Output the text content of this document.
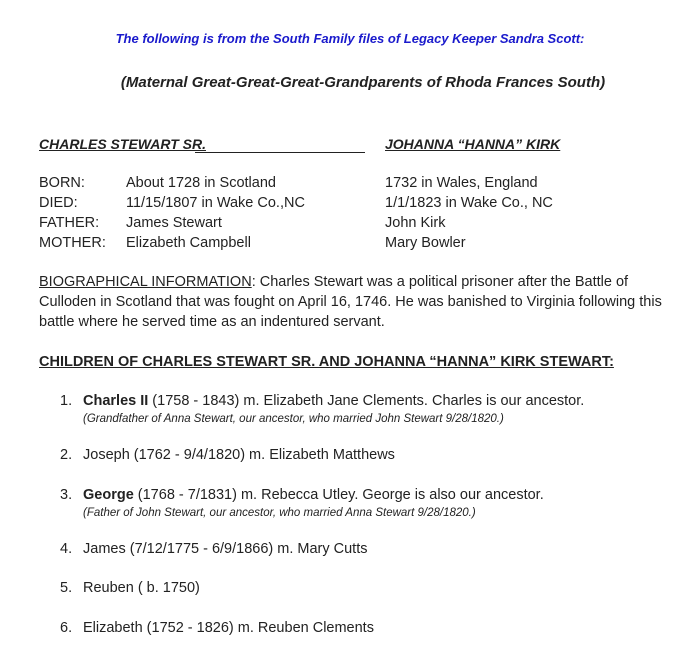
The following is from the South Family files of Legacy Keeper Sandra Scott:
(Maternal Great-Great-Great-Grandparents of Rhoda Frances South)
CHARLES STEWART SR.	JOHANNA “HANNA” KIRK
BORN:	About 1728 in Scotland	1732 in Wales, England
DIED:	11/15/1807 in Wake Co.,NC	1/1/1823 in Wake Co., NC
FATHER: James Stewart	John Kirk
MOTHER: Elizabeth Campbell	Mary Bowler
BIOGRAPHICAL INFORMATION: Charles Stewart was a political prisoner after the Battle of Culloden in Scotland that was fought on April 16, 1746. He was banished to Virginia following this battle where he served time as an indentured servant.
CHILDREN OF CHARLES STEWART SR. AND JOHANNA “HANNA” KIRK STEWART:
1. Charles II (1758 - 1843) m. Elizabeth Jane Clements. Charles is our ancestor.
(Grandfather of Anna Stewart, our ancestor, who married John Stewart 9/28/1820.)
2. Joseph (1762 - 9/4/1820) m. Elizabeth Matthews
3. George (1768 - 7/1831) m. Rebecca Utley. George is also our ancestor.
(Father of John Stewart, our ancestor, who married Anna Stewart 9/28/1820.)
4. James (7/12/1775 - 6/9/1866) m. Mary Cutts
5. Reuben ( b. 1750)
6. Elizabeth (1752 - 1826) m. Reuben Clements
